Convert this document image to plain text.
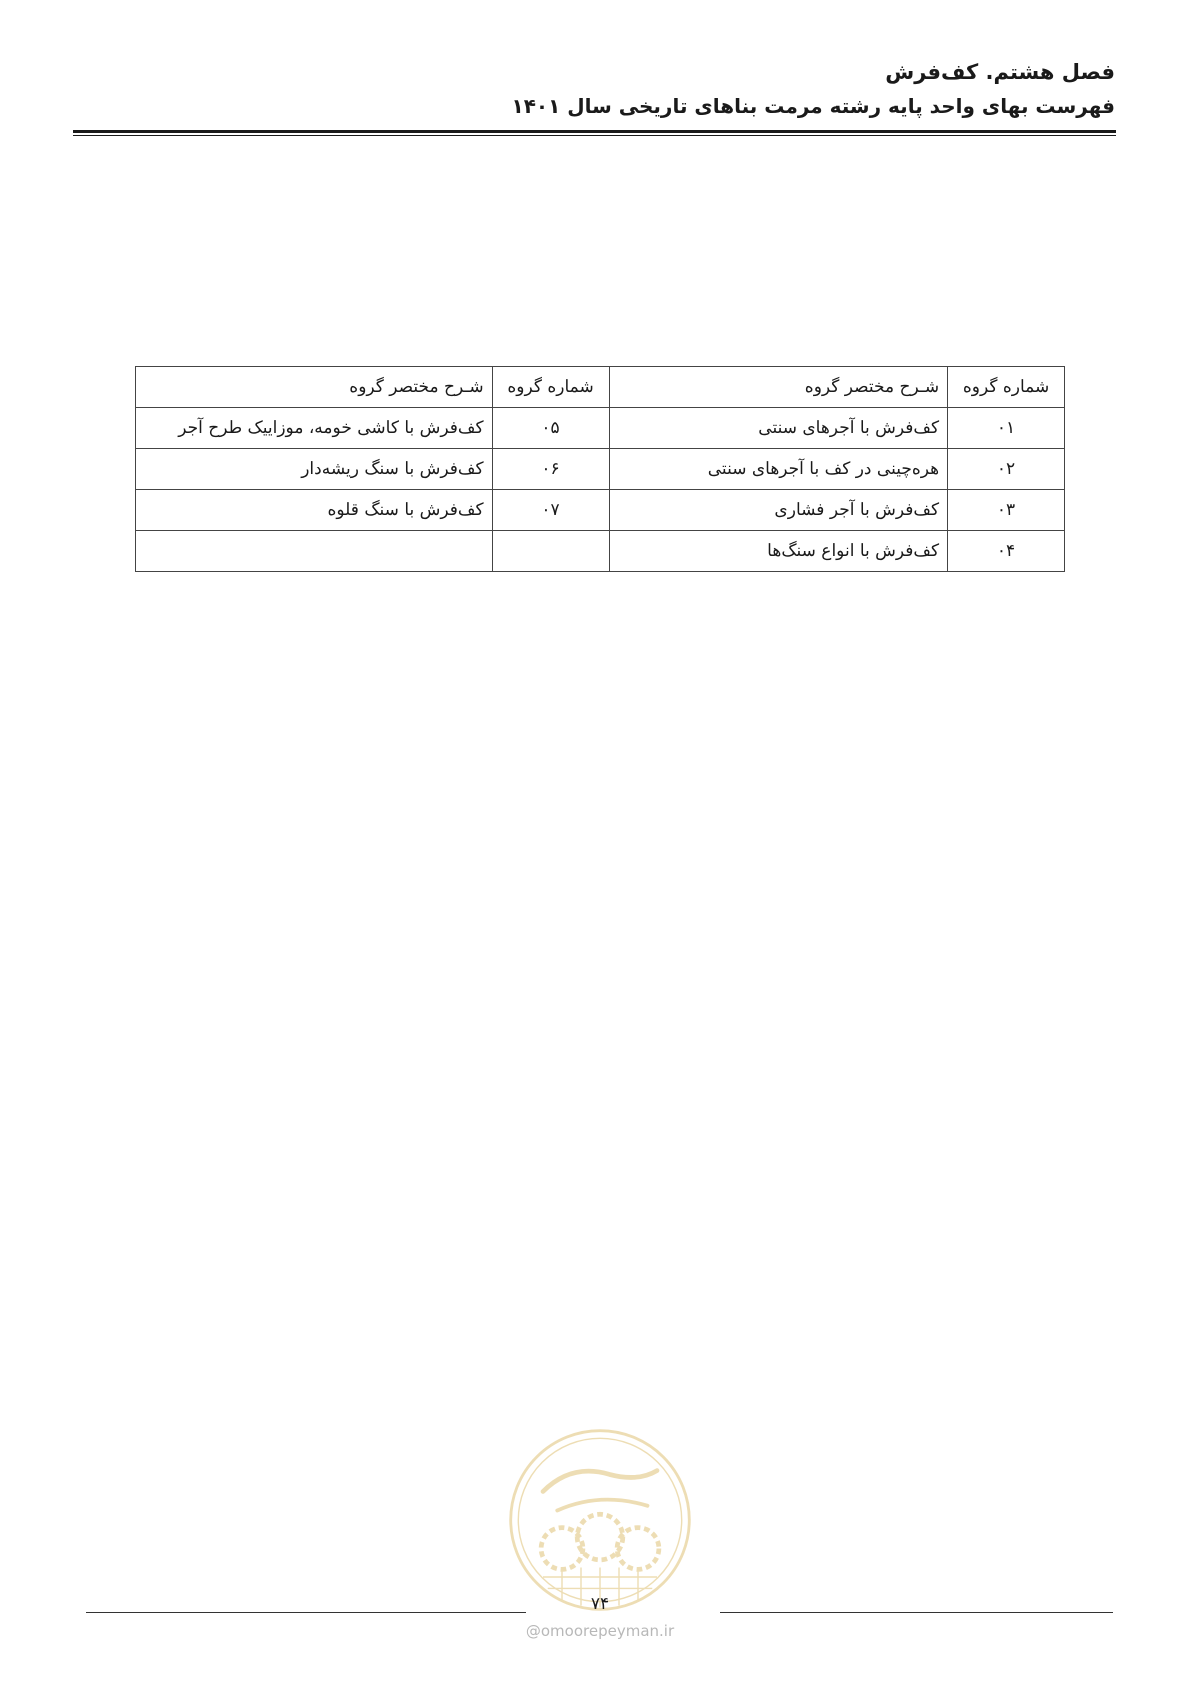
فصل هشتم. کف‌فرش
فهرست بهای واحد پایه رشته مرمت بناهای تاریخی سال ۱۴۰۱
شماره گروه	شـرح مختصر گروه	شماره گروه	شـرح مختصر گروه
۰۱	کف‌فرش با آجرهای سنتی	۰۵	کف‌فرش با کاشی خومه، موزاییک طرح آجر
۰۲	هره‌چینی در کف با آجرهای سنتی	۰۶	کف‌فرش با سنگ ریشه‌دار
۰۳	کف‌فرش با آجر فشاری	۰۷	کف‌فرش با سنگ قلوه
۰۴	کف‌فرش با انواع سنگ‌ها		
۷۴
@omoorepeyman.ir
